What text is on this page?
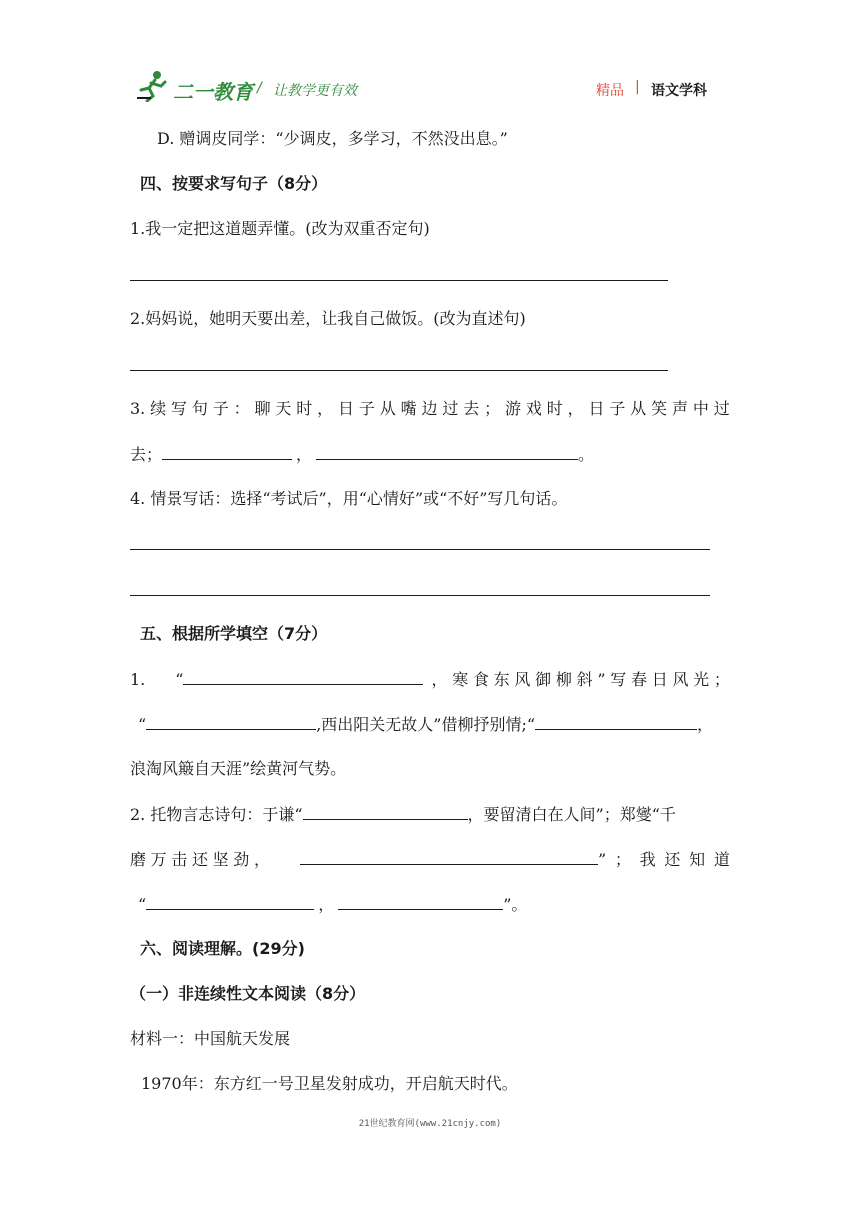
二一教育 / 让教学更有效	精品 | 语文学科
D. 赠调皮同学：“少调皮，多学习，不然没出息。”
四、按要求写句子（8分）
1.我一定把这道题弄懂。(改为双重否定句)
2.妈妈说，她明天要出差，让我自己做饭。(改为直述句)
3. 续 写 句 子 ： 聊 天 时 ， 日 子 从 嘴 边 过 去 ； 游 戏 时 ， 日 子 从 笑 声 中 过
去；	，	。
4. 情景写话：选择“考试后”，用“心情好”或“不好”写几句话。
五、根据所学填空（7分）
1. “	， 寒 食 东 风 御 柳 斜 ” 写 春 日 风 光 ；
“	,西出阳关无故人”借柳抒别情;“	，
浪淘风簸自天涯”绘黄河气势。
2. 托物言志诗句：于谦“	，要留清白在人间”；郑燮“千
磨 万 击 还 坚 劲 ，	” ； 我 还 知 道
“	，	”。
六、阅读理解。(29分)
（一）非连续性文本阅读（8分）
材料一：中国航天发展
1970年：东方红一号卫星发射成功，开启航天时代。
21世纪教育网(www.21cnjy.com)
